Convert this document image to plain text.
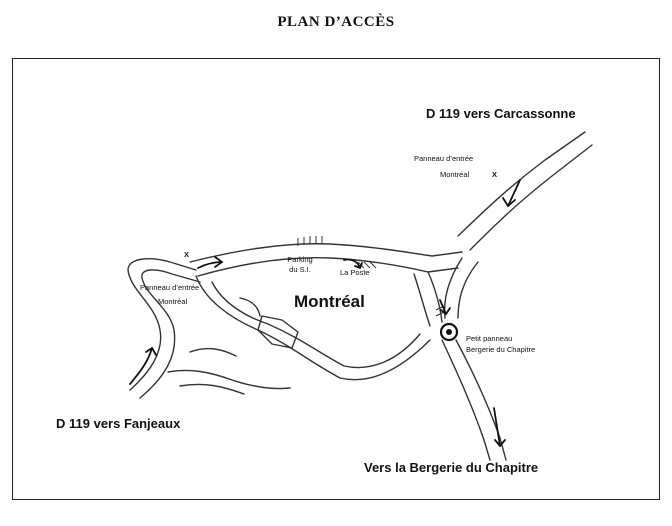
PLAN D’ACCÈS
D 119 vers Carcassonne
D 119 vers Fanjeaux
Vers la Bergerie du Chapitre
Montréal
Panneau d’entrée
Montréal	X
X
Panneau d’entrée
Montréal
Parking
du S.I.	La Poste
Petit panneau
Bergerie du Chapitre
